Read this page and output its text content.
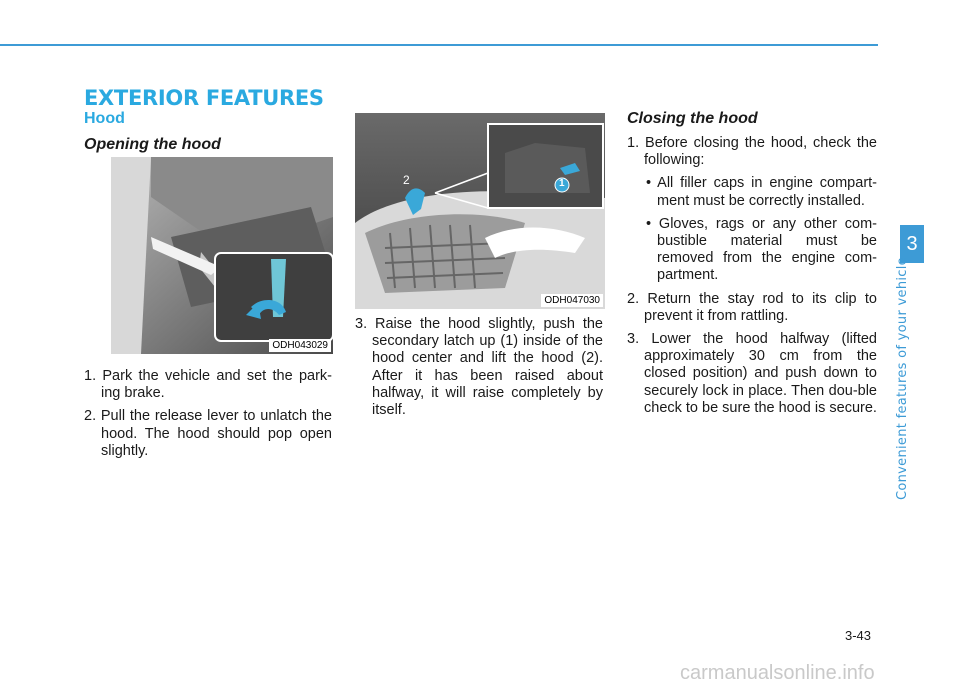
EXTERIOR FEATURES
Hood
Opening the hood
ODH043029
1. Park the vehicle and set the park-ing brake.
2. Pull the release lever to unlatch the hood. The hood should pop open slightly.
2	1
ODH047030
3. Raise the hood slightly, push the secondary latch up (1) inside of the hood center and lift the hood (2). After it has been raised about halfway, it will raise completely by itself.
Closing the hood
1. Before closing the hood, check the following:
• All filler caps in engine compart-ment must be correctly installed.
• Gloves, rags or any other com-bustible material must be removed from the engine com-partment.
2. Return the stay rod to its clip to prevent it from rattling.
3. Lower the hood halfway (lifted approximately 30 cm from the closed position) and push down to securely lock in place. Then dou-ble check to be sure the hood is secure.
3
Convenient features of your vehicle
3-43
carmanualsonline.info
